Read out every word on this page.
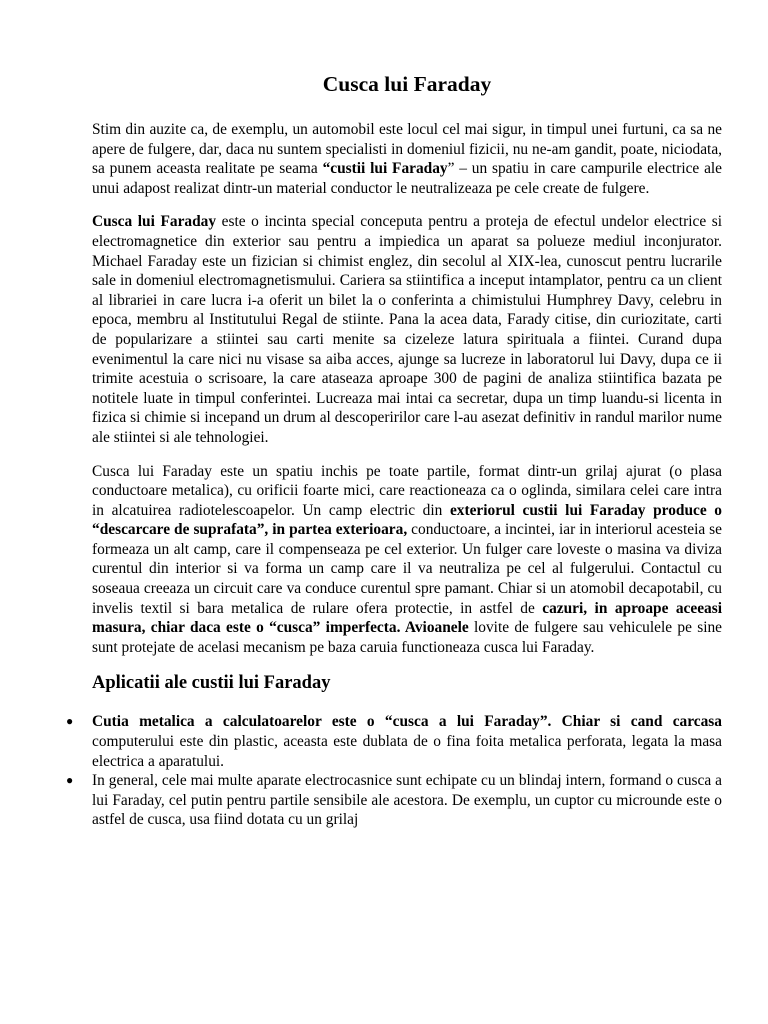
Cusca lui Faraday

Stim din auzite ca, de exemplu, un automobil este locul cel mai sigur, in timpul unei furtuni, ca sa ne apere de fulgere, dar, daca nu suntem specialisti in domeniul fizicii, nu ne-am gandit, poate, niciodata, sa punem aceasta realitate pe seama “custii lui Faraday” – un spatiu in care campurile electrice ale unui adapost realizat dintr-un material conductor le neutralizeaza pe cele create de fulgere.

Cusca lui Faraday este o incinta special conceputa pentru a proteja de efectul undelor electrice si electromagnetice din exterior sau pentru a impiedica un aparat sa polueze mediul inconjurator. Michael Faraday este un fizician si chimist englez, din secolul al XIX-lea, cunoscut pentru lucrarile sale in domeniul electromagnetismului. Cariera sa stiintifica a inceput intamplator, pentru ca un client al librariei in care lucra i-a oferit un bilet la o conferinta a chimistului Humphrey Davy, celebru in epoca, membru al Institutului Regal de stiinte. Pana la acea data, Farady citise, din curiozitate, carti de popularizare a stiintei sau carti menite sa cizeleze latura spirituala a fiintei. Curand dupa evenimentul la care nici nu visase sa aiba acces, ajunge sa lucreze in laboratorul lui Davy, dupa ce ii trimite acestuia o scrisoare, la care ataseaza aproape 300 de pagini de analiza stiintifica bazata pe notitele luate in timpul conferintei. Lucreaza mai intai ca secretar, dupa un timp luandu-si licenta in fizica si chimie si incepand un drum al descoperirilor care l-au asezat definitiv in randul marilor nume ale stiintei si ale tehnologiei.

Cusca lui Faraday este un spatiu inchis pe toate partile, format dintr-un grilaj ajurat (o plasa conductoare metalica), cu orificii foarte mici, care reactioneaza ca o oglinda, similara celei care intra in alcatuirea radiotelescoapelor. Un camp electric din exteriorul custii lui Faraday produce o “descarcare de suprafata”, in partea exterioara, conductoare, a incintei, iar in interiorul acesteia se formeaza un alt camp, care il compenseaza pe cel exterior. Un fulger care loveste o masina va diviza curentul din interior si va forma un camp care il va neutraliza pe cel al fulgerului. Contactul cu soseaua creeaza un circuit care va conduce curentul spre pamant. Chiar si un atomobil decapotabil, cu invelis textil si bara metalica de rulare ofera protectie, in astfel de cazuri, in aproape aceeasi masura, chiar daca este o “cusca” imperfecta. Avioanele lovite de fulgere sau vehiculele pe sine sunt protejate de acelasi mecanism pe baza caruia functioneaza cusca lui Faraday.

Aplicatii ale custii lui Faraday
● Cutia metalica a calculatoarelor este o “cusca a lui Faraday”. Chiar si cand carcasa computerului este din plastic, aceasta este dublata de o fina foita metalica perforata, legata la masa electrica a aparatului.
● In general, cele mai multe aparate electrocasnice sunt echipate cu un blindaj intern, formand o cusca a lui Faraday, cel putin pentru partile sensibile ale acestora. De exemplu, un cuptor cu microunde este o astfel de cusca, usa fiind dotata cu un grilaj
